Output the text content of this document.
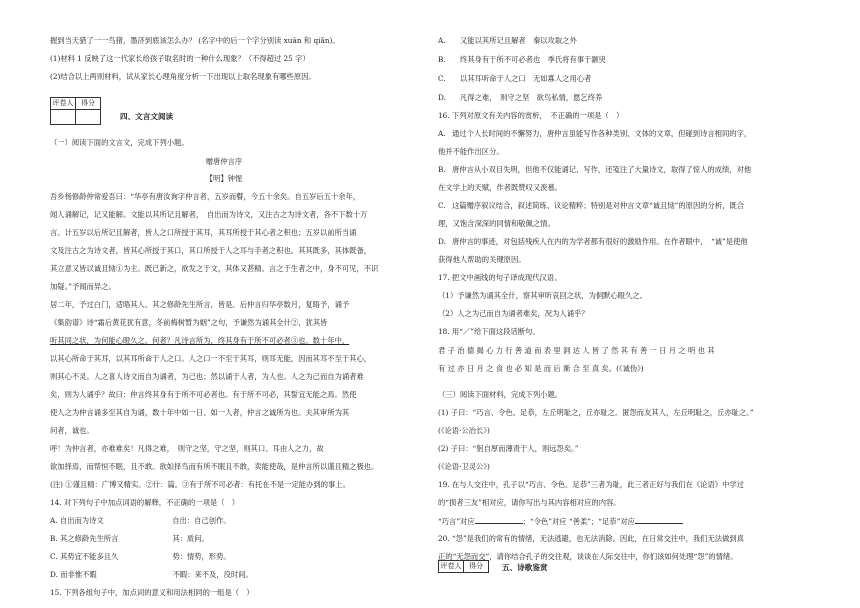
握到当天猎了一一鸟猪，墨济到底该怎么办？ (名字中的后一个字分别读 xuān 和 qiǎn)。
(1)材料 1 反映了这一代家长给孩子取名时的一种什么现象？（不得超过 25 字）
(2)结合以上两则材料，试从家长心理角度分析一下出现以上取名现象有哪些原因。
评卷人	得分

四、文言文阅读
（一）阅读下面的文言文，完成下列小题。
赠唐仲言序
【明】钟惺
吾乡杨修龄仲常爱吾曰：“华亭有唐汝询字仲言者，五岁而瞽，今五十余矣。自五岁后五十余年，
闻人诵解记，记又能解。文能以其所记且解者，　自出而为诗文，又注古之为诗文者，各不下数十万
言。计五岁以后所记且解者，皆人之口所授于其耳，其耳所授于其心者之积也；五岁以前所当诵
文及注古之为诗文者，皆其心所授于其口，其口所授于人之耳与手者之积也。其其既多，其体既备，
其立意又皆以诚且恸①为主。既已新之，欲发之于文，其体又甚精。言之于生者之中，身不可见，不识
加疑。”予闻而异之。
居二年，予过白门，适晤其人。其之修龄先生所言，皆是。后仲言归华亭数月，复晤予，诵予
《集韵谱》诗“霜后黄花犹有意，冬前梅树暂为姻”之句，予谦然为诵其全什②，犹其皆
听其同之状，为何能心瞪久之。何者？凡诗言所为，终其身有于所不可必者③也。数十年中，
以其心所命于其耳，以其耳所命于人之口。人之口一不至于其耳，则耳无能，因而其耳不至于其心，
则其心不灵。人之喜人诗文而自为诵者，为己也；然以诵于人者，为人也。人之为己而自为诵者难
矣，则为人诵乎？故曰：仲言终其身有于所不可必者也。有于所不可必，其誓宜无能之焉。然使
使人之为仲言诵多至其自为诵，数十年中如一日、如一人者，仲言之诚所为也。夫其审所为其
问者，诚也。
呼！为仲言者，亦难难矣！凡得之难，　则守之坚，守之坚，则其口、耳由人之力，故
欲加择焉，而帮恒不眠，且不敢。欲如择鸟而有所不眠且不敢，卖能使哉，是仲言所以谨且精之极也。
(注) ①谨且精：广博又精实。②什：篇。③有于所不可必者：有托在不是一定能办到的事上。
14. 对下列句子中加点词语的解释，不正确的一项是（　）
A. 自出而为诗文	自出：自己创作。
B. 其之修龄先生所言	其：质问。
C. 其势宜不能多且久	势：情势，形势。
D. 而非惟不暇	不暇：来不及，没时间。
15. 下列各组句子中，加点词的意义和用法相同的一组是（　）
A. 又能以其所记且解者　秦以攻取之外
B. 终其身有于所不可必者也　季氏将有事于颛臾
C. 以其耳听命于人之口　无如寡人之用心者
D. 凡得之难，　则守之坚　欲鸟私情，愿乞终养
16. 下列对原文有关内容的赏析，　不正确的一项是（　）
A. 通过个人长时间的不懈努力，唐仲言虽能写作各种类别、文体的文章，但碰到诗言相同的字，
他并不能作出区分。
B. 唐仲言从小双目失明，但他不仅能诵记、写作，还笺注了大量诗文，取得了惊人的成绩，对他
在文学上的天赋，作者既赞叹又羡慕。
C. 这篇赠序叙议结合，叙述简练、议论精粹；特别是对仲言文章“诚且恸”的原因的分析，既合
理，又饱含深深的同情和敬佩之情。
D. 唐仲言的事迹，对包括残疾人在内的为学者都有很好的激励作用。在作者眼中，　“诚”是使他
获得他人帮助的关键原因。
17. 把文中画线的句子译成现代汉语。
（1）予谦然为诵其全什，察其审听哀回之状，为侗默心瞪久之。
（2）人之为己而自为诵者难矣，况为人诵乎？
18. 用“／”给下面这段话断句。
君 子 治 德 揭 心 力 行 善 道 而 表 里 洞 达 人 皆 了 然 其 有 善 一 日 月 之 明 也 其
有 过 亦 日 月 之 食 也 必 知 是 而 后 渐 合 至 真 矣。(《诚伪》)
（三）阅读下面材料，完成下列小题。
(1) 子曰：“巧言、令色、足恭，左丘明耻之，丘亦耻之。匿怨而友其人，左丘明耻之，丘亦耻之。”
(《论语·公冶长》)
(2) 子曰：“躬自厚而薄责于人，则远怨矣。”
(《论语·卫灵公》)
19. 在与人交往中，孔子以“巧言、令色、足恭”三者为耻，此三者正好与我们在《论语》中学过
的“损者三友”相对应，请你写出与其内容相对应的内容。
“巧言”对应	；“令色”对应 “善柔”；“足恭”对应
20. “怨”是我们的常有的情绪，无法逃避，也无法消除。因此，在日常交往中，我们无法做到真
正的“无怨而交”，请你结合孔子的交往观，谈谈在人际交往中，你们该如何处理“怨”的情绪。
评卷人	得分	五、诗歌鉴赏
